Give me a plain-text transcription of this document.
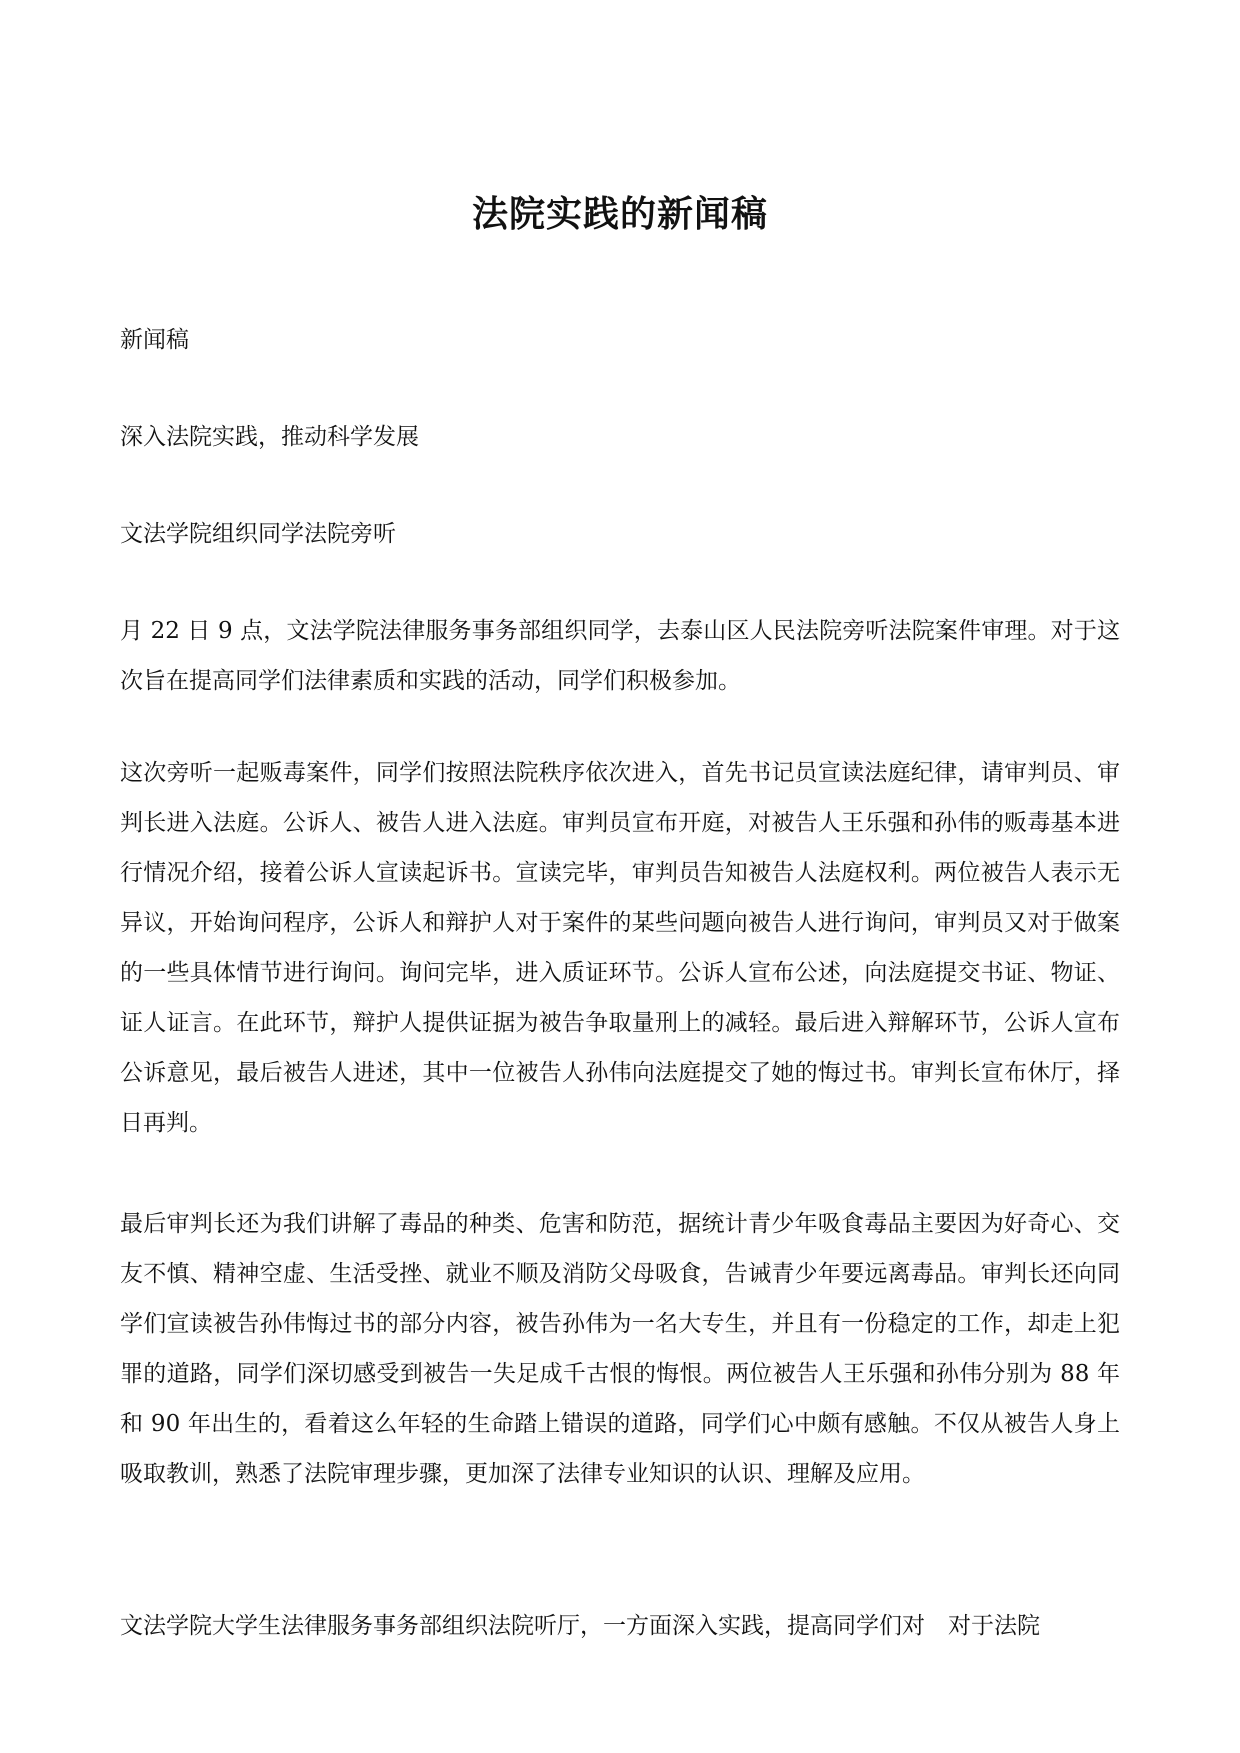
法院实践的新闻稿

新闻稿

深入法院实践，推动科学发展

文法学院组织同学法院旁听

月 22 日 9 点，文法学院法律服务事务部组织同学，去泰山区人民法院旁听法院案件审理。对于这次旨在提高同学们法律素质和实践的活动，同学们积极参加。

这次旁听一起贩毒案件，同学们按照法院秩序依次进入，首先书记员宣读法庭纪律，请审判员、审判长进入法庭。公诉人、被告人进入法庭。审判员宣布开庭，对被告人王乐强和孙伟的贩毒基本进行情况介绍，接着公诉人宣读起诉书。宣读完毕，审判员告知被告人法庭权利。两位被告人表示无异议，开始询问程序，公诉人和辩护人对于案件的某些问题向被告人进行询问，审判员又对于做案的一些具体情节进行询问。询问完毕，进入质证环节。公诉人宣布公述，向法庭提交书证、物证、证人证言。在此环节，辩护人提供证据为被告争取量刑上的减轻。最后进入辩解环节，公诉人宣布公诉意见，最后被告人进述，其中一位被告人孙伟向法庭提交了她的悔过书。审判长宣布休厅，择日再判。

最后审判长还为我们讲解了毒品的种类、危害和防范，据统计青少年吸食毒品主要因为好奇心、交友不慎、精神空虚、生活受挫、就业不顺及消防父母吸食，告诫青少年要远离毒品。审判长还向同学们宣读被告孙伟悔过书的部分内容，被告孙伟为一名大专生，并且有一份稳定的工作，却走上犯罪的道路，同学们深切感受到被告一失足成千古恨的悔恨。两位被告人王乐强和孙伟分别为 88 年和 90 年出生的，看着这么年轻的生命踏上错误的道路，同学们心中颇有感触。不仅从被告人身上吸取教训，熟悉了法院审理步骤，更加深了法律专业知识的认识、理解及应用。

文法学院大学生法律服务事务部组织法院听厅，一方面深入实践，提高同学们对　对于法院
